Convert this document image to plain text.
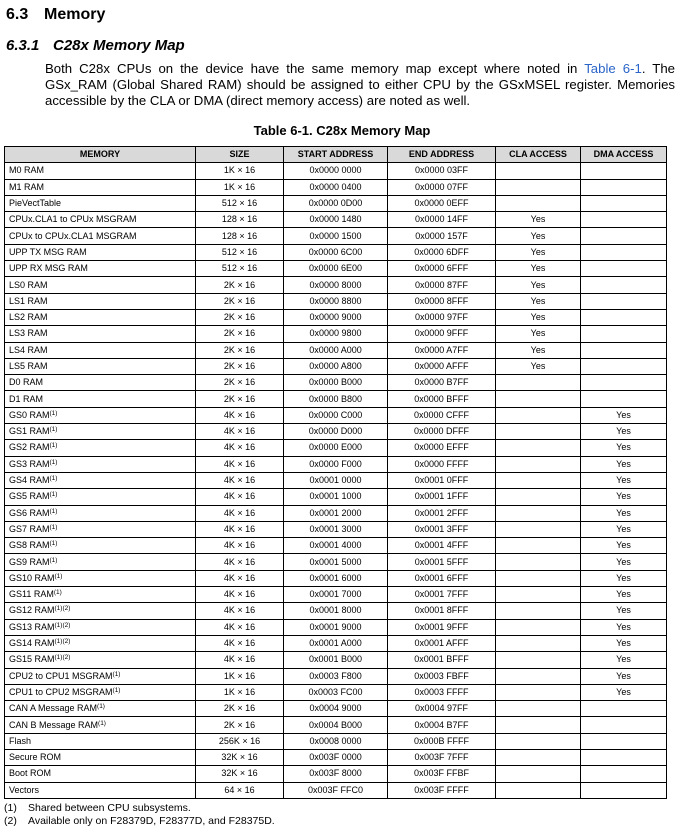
6.3 Memory
6.3.1 C28x Memory Map
Both C28x CPUs on the device have the same memory map except where noted in Table 6-1. The GSx_RAM (Global Shared RAM) should be assigned to either CPU by the GSxMSEL register. Memories accessible by the CLA or DMA (direct memory access) are noted as well.
Table 6-1. C28x Memory Map
MEMORY	SIZE	START ADDRESS	END ADDRESS	CLA ACCESS	DMA ACCESS
M0 RAM	1K × 16	0x0000 0000	0x0000 03FF		
M1 RAM	1K × 16	0x0000 0400	0x0000 07FF		
PieVectTable	512 × 16	0x0000 0D00	0x0000 0EFF		
CPUx.CLA1 to CPUx MSGRAM	128 × 16	0x0000 1480	0x0000 14FF	Yes	
CPUx to CPUx.CLA1 MSGRAM	128 × 16	0x0000 1500	0x0000 157F	Yes	
UPP TX MSG RAM	512 × 16	0x0000 6C00	0x0000 6DFF	Yes	
UPP RX MSG RAM	512 × 16	0x0000 6E00	0x0000 6FFF	Yes	
LS0 RAM	2K × 16	0x0000 8000	0x0000 87FF	Yes	
LS1 RAM	2K × 16	0x0000 8800	0x0000 8FFF	Yes	
LS2 RAM	2K × 16	0x0000 9000	0x0000 97FF	Yes	
LS3 RAM	2K × 16	0x0000 9800	0x0000 9FFF	Yes	
LS4 RAM	2K × 16	0x0000 A000	0x0000 A7FF	Yes	
LS5 RAM	2K × 16	0x0000 A800	0x0000 AFFF	Yes	
D0 RAM	2K × 16	0x0000 B000	0x0000 B7FF		
D1 RAM	2K × 16	0x0000 B800	0x0000 BFFF		
GS0 RAM$^{(1)}$	4K × 16	0x0000 C000	0x0000 CFFF		Yes
GS1 RAM$^{(1)}$	4K × 16	0x0000 D000	0x0000 DFFF		Yes
GS2 RAM$^{(1)}$	4K × 16	0x0000 E000	0x0000 EFFF		Yes
GS3 RAM$^{(1)}$	4K × 16	0x0000 F000	0x0000 FFFF		Yes
GS4 RAM$^{(1)}$	4K × 16	0x0001 0000	0x0001 0FFF		Yes
GS5 RAM$^{(1)}$	4K × 16	0x0001 1000	0x0001 1FFF		Yes
GS6 RAM$^{(1)}$	4K × 16	0x0001 2000	0x0001 2FFF		Yes
GS7 RAM$^{(1)}$	4K × 16	0x0001 3000	0x0001 3FFF		Yes
GS8 RAM$^{(1)}$	4K × 16	0x0001 4000	0x0001 4FFF		Yes
GS9 RAM$^{(1)}$	4K × 16	0x0001 5000	0x0001 5FFF		Yes
GS10 RAM$^{(1)}$	4K × 16	0x0001 6000	0x0001 6FFF		Yes
GS11 RAM$^{(1)}$	4K × 16	0x0001 7000	0x0001 7FFF		Yes
GS12 $RAM^{(1)(2)}$	4K × 16	0x0001 8000	0x0001 8FFF		Yes
GS13 $RAM^{(1)(2)}$	4K × 16	0x0001 9000	0x0001 9FFF		Yes
GS14 $RAM^{(1)(2)}$	4K × 16	0x0001 A000	0x0001 AFFF		Yes
GS15 $RAM^{(1)(2)}$	4K × 16	0x0001 B000	0x0001 BFFF		Yes
CPU2 to CPU1 MSGRAM$^{(1)}$	1K × 16	0x0003 F800	0x0003 FBFF		Yes
CPU1 to CPU2 MSGRAM$^{(1)}$	1K × 16	0x0003 FC00	0x0003 FFFF		Yes
CAN A Message RAM$^{(1)}$	2K × 16	0x0004 9000	0x0004 97FF		
CAN B Message RAM$^{(1)}$	2K × 16	0x0004 B000	0x0004 B7FF		
Flash	256K × 16	0x0008 0000	0x000B FFFF		
Secure ROM	32K × 16	0x003F 0000	0x003F 7FFF		
Boot ROM	32K × 16	0x003F 8000	0x003F FFBF		
Vectors	64 × 16	0x003F FFC0	0x003F FFFF		
(1) Shared between CPU subsystems.
(2) Available only on F28379D, F28377D, and F28375D.
